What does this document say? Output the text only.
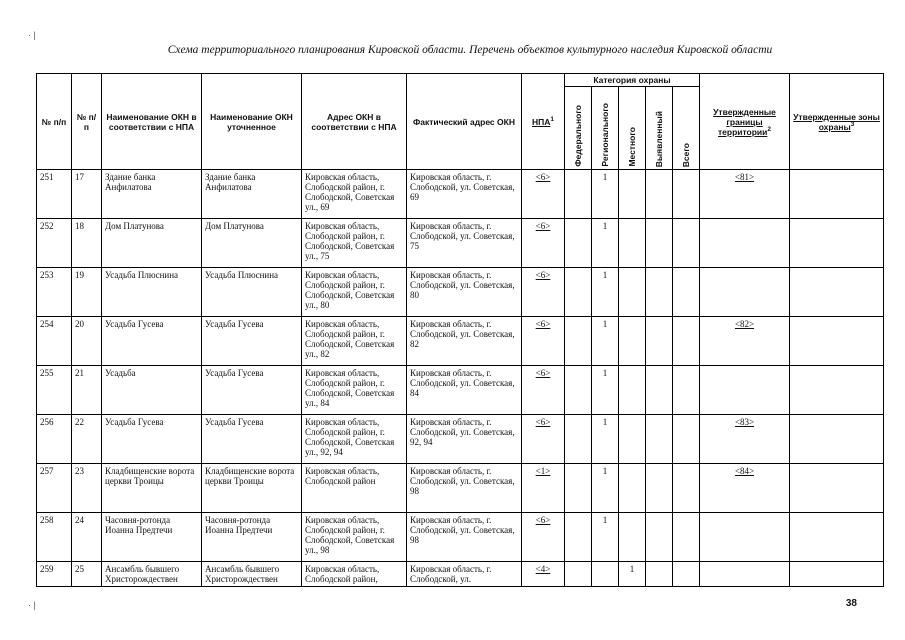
Схема территориального планирования Кировской области. Перечень объектов культурного наследия Кировской области
· |
· |
№ п/п	№ п/п	Наименование ОКН в соответствии с НПА	Наименование ОКН уточненное	Адрес ОКН в соответствии с НПА	Фактический адрес ОКН	НПА$^1$	Категория охраны					Утвержденные границы территории$^2$	Утвержденные зоны охраны$^3$
							Федерального	Регионального	Местного	Выявленный	Всего		
251	17	Здание банка Анфилатова	Здание банка Анфилатова	Кировская область, Слободской район, г. Слободской, Советская ул., 69	Кировская область, г. Слободской, ул. Советская, 69	<6>		1				<81>	
252	18	Дом Платунова	Дом Платунова	Кировская область, Слободской район, г. Слободской, Советская ул., 75	Кировская область, г. Слободской, ул. Советская, 75	<6>		1					
253	19	Усадьба Плюснина	Усадьба Плюснина	Кировская область, Слободской район, г. Слободской, Советская ул., 80	Кировская область, г. Слободской, ул. Советская, 80	<6>		1					
254	20	Усадьба Гусева	Усадьба Гусева	Кировская область, Слободской район, г. Слободской, Советская ул., 82	Кировская область, г. Слободской, ул. Советская, 82	<6>		1				<82>	
255	21	Усадьба	Усадьба Гусева	Кировская область, Слободской район, г. Слободской, Советская ул., 84	Кировская область, г. Слободской, ул. Советская, 84	<6>		1					
256	22	Усадьба Гусева	Усадьба Гусева	Кировская область, Слободской район, г. Слободской, Советская ул., 92, 94	Кировская область, г. Слободской, ул. Советская, 92, 94	<6>		1				<83>	
257	23	Кладбищенские ворота церкви Троицы	Кладбищенские ворота церкви Троицы	Кировская область, Слободской район	Кировская область, г. Слободской, ул. Советская, 98	<1>		1				<84>	
258	24	Часовня-ротонда Иоанна Предтечи	Часовня-ротонда Иоанна Предтечи	Кировская область, Слободской район, г. Слободской, Советская ул., 98	Кировская область, г. Слободской, ул. Советская, 98	<6>		1					
259	25	Ансамбль бывшего Христорождествен	Ансамбль бывшего Христорождествен	Кировская область, Слободской район,	Кировская область, г. Слободской, ул.	<4>			1				
38
